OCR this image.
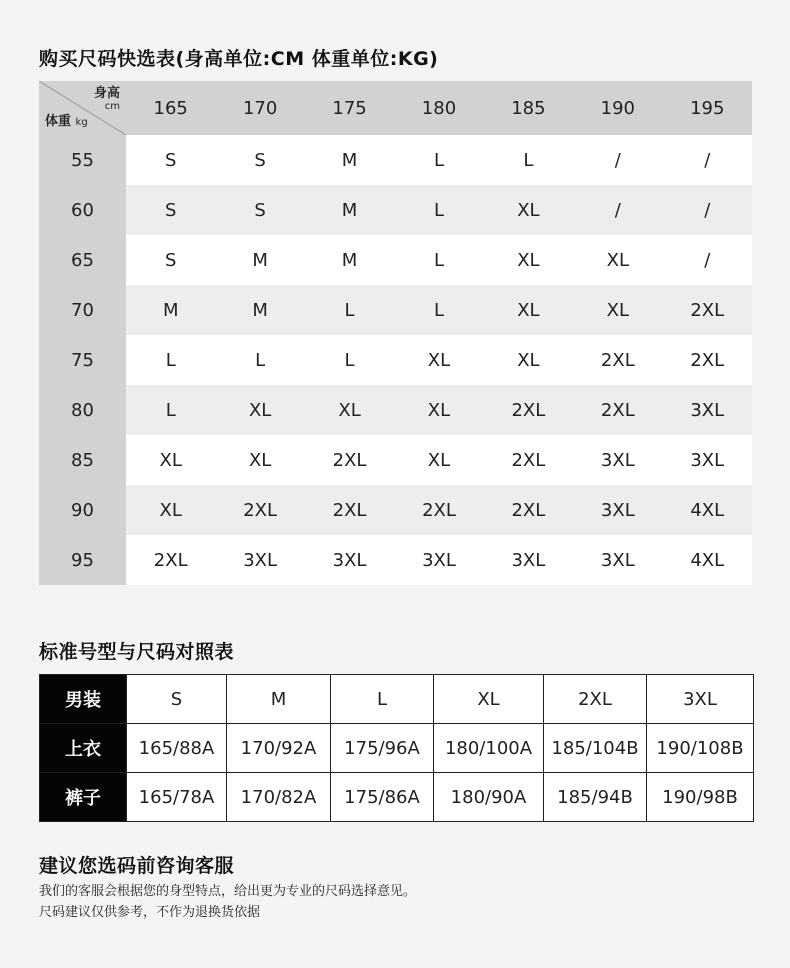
购买尺码快选表(身高单位:CM 体重单位:KG)
身高
cm
体重 kg	165	170	175	180	185	190	195
55	S	S	M	L	L	/	/
60	S	S	M	L	XL	/	/
65	S	M	M	L	XL	XL	/
70	M	M	L	L	XL	XL	2XL
75	L	L	L	XL	XL	2XL	2XL
80	L	XL	XL	XL	2XL	2XL	3XL
85	XL	XL	2XL	XL	2XL	3XL	3XL
90	XL	2XL	2XL	2XL	2XL	3XL	4XL
95	2XL	3XL	3XL	3XL	3XL	3XL	4XL
标准号型与尺码对照表
男装	S	M	L	XL	2XL	3XL
上衣	165/88A	170/92A	175/96A	180/100A	185/104B	190/108B
裤子	165/78A	170/82A	175/86A	180/90A	185/94B	190/98B
建议您选码前咨询客服
我们的客服会根据您的身型特点，给出更为专业的尺码选择意见。
尺码建议仅供参考，不作为退换货依据
